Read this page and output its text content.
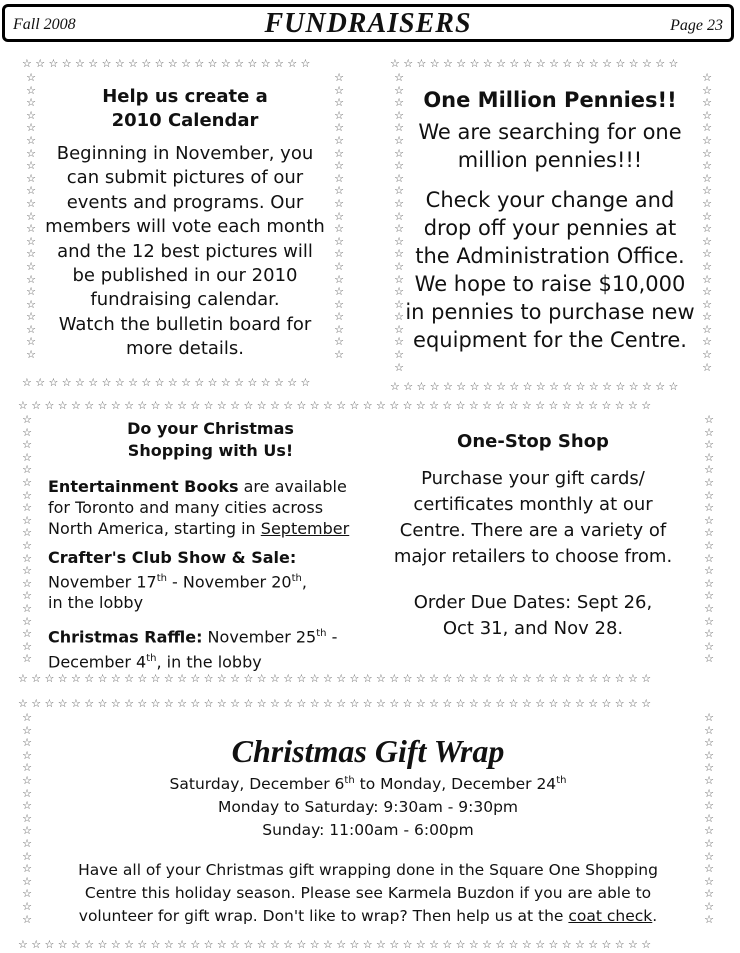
Fall 2008	FUNDRAISERS	Page 23
☆☆☆☆☆☆☆☆☆☆☆☆☆☆☆☆☆☆☆☆☆☆
☆☆☆☆☆☆☆☆☆☆☆☆☆☆☆☆☆☆☆☆☆☆
☆☆☆☆☆☆☆☆☆☆☆☆☆☆☆☆☆☆☆☆☆☆☆
☆☆☆☆☆☆☆☆☆☆☆☆☆☆☆☆☆☆☆☆☆☆☆
Help us create a
2010 Calendar
Beginning in November, you
can submit pictures of our
events and programs. Our
members will vote each month
and the 12 best pictures will
be published in our 2010
fundraising calendar.
Watch the bulletin board for
more details.
☆☆☆☆☆☆☆☆☆☆☆☆☆☆☆☆☆☆☆☆☆☆
☆☆☆☆☆☆☆☆☆☆☆☆☆☆☆☆☆☆☆☆☆☆
☆☆☆☆☆☆☆☆☆☆☆☆☆☆☆☆☆☆☆☆☆☆☆☆
☆☆☆☆☆☆☆☆☆☆☆☆☆☆☆☆☆☆☆☆☆☆☆☆
One Million Pennies!!
We are searching for one
million pennies!!!
Check your change and
drop off your pennies at
the Administration Office.
We hope to raise $10,000
in pennies to purchase new
equipment for the Centre.
☆☆☆☆☆☆☆☆☆☆☆☆☆☆☆☆☆☆☆☆☆☆☆☆☆☆☆☆☆☆☆☆☆☆☆☆☆☆☆☆☆☆☆☆☆☆☆☆
☆☆☆☆☆☆☆☆☆☆☆☆☆☆☆☆☆☆☆☆☆☆☆☆☆☆☆☆☆☆☆☆☆☆☆☆☆☆☆☆☆☆☆☆☆☆☆☆
☆☆☆☆☆☆☆☆☆☆☆☆☆☆☆☆☆☆☆☆
☆☆☆☆☆☆☆☆☆☆☆☆☆☆☆☆☆☆☆☆
Do your Christmas
Shopping with Us!
Entertainment Books are available
for Toronto and many cities across
North America, starting in September
Crafter's Club Show & Sale:
November 17th - November 20th,
in the lobby
Christmas Raffle: November 25th -
December 4th, in the lobby
One-Stop Shop
Purchase your gift cards/
certificates monthly at our
Centre. There are a variety of
major retailers to choose from.
Order Due Dates: Sept 26,
Oct 31, and Nov 28.
☆☆☆☆☆☆☆☆☆☆☆☆☆☆☆☆☆☆☆☆☆☆☆☆☆☆☆☆☆☆☆☆☆☆☆☆☆☆☆☆☆☆☆☆☆☆☆☆
☆☆☆☆☆☆☆☆☆☆☆☆☆☆☆☆☆☆☆☆☆☆☆☆☆☆☆☆☆☆☆☆☆☆☆☆☆☆☆☆☆☆☆☆☆☆☆☆
☆☆☆☆☆☆☆☆☆☆☆☆☆☆☆☆☆
☆☆☆☆☆☆☆☆☆☆☆☆☆☆☆☆☆
Christmas Gift Wrap
Saturday, December 6th to Monday, December 24th
Monday to Saturday: 9:30am - 9:30pm
Sunday: 11:00am - 6:00pm
Have all of your Christmas gift wrapping done in the Square One Shopping
Centre this holiday season. Please see Karmela Buzdon if you are able to
volunteer for gift wrap. Don't like to wrap? Then help us at the coat check.
